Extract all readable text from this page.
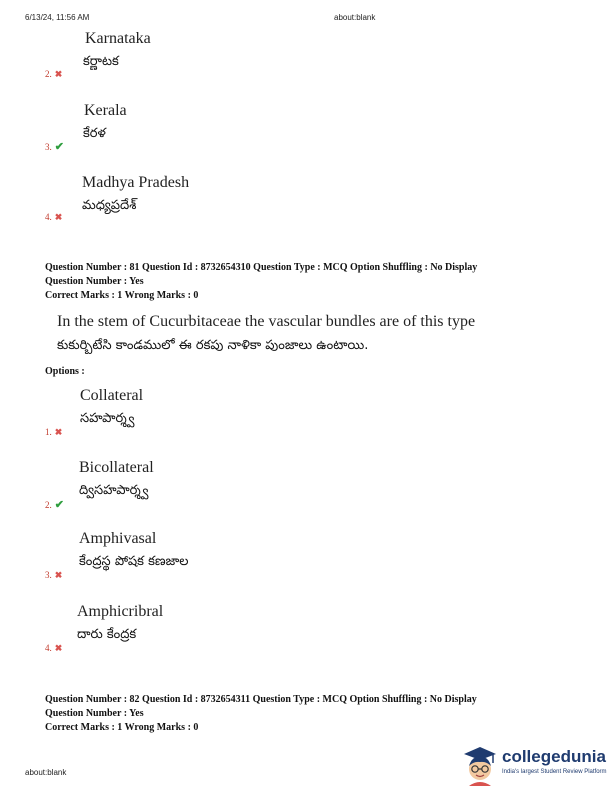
6/13/24, 11:56 AM	about:blank
Karnataka
కర్ణాటక
2. ✖
Kerala
కేరళ
3. ✔
Madhya Pradesh
మధ్యప్రదేశ్
4. ✖
Question Number : 81 Question Id : 8732654310 Question Type : MCQ Option Shuffling : No Display
Question Number : Yes
Correct Marks : 1 Wrong Marks : 0
In the stem of Cucurbitaceae the vascular bundles are of this type
కుకుర్బిటేసి కాండములో ఈ రకపు నాళికా పుంజాలు ఉంటాయి.
Options :
Collateral
సహపార్శ్వ
1. ✖
Bicollateral
ద్విసహపార్శ్వ
2. ✔
Amphivasal
కేంద్రస్థ పోషక కణజాల
3. ✖
Amphicribral
దారు కేంద్రక
4. ✖
Question Number : 82 Question Id : 8732654311 Question Type : MCQ Option Shuffling : No Display
Question Number : Yes
Correct Marks : 1 Wrong Marks : 0
about:blank
collegedunia
India's largest Student Review Platform
